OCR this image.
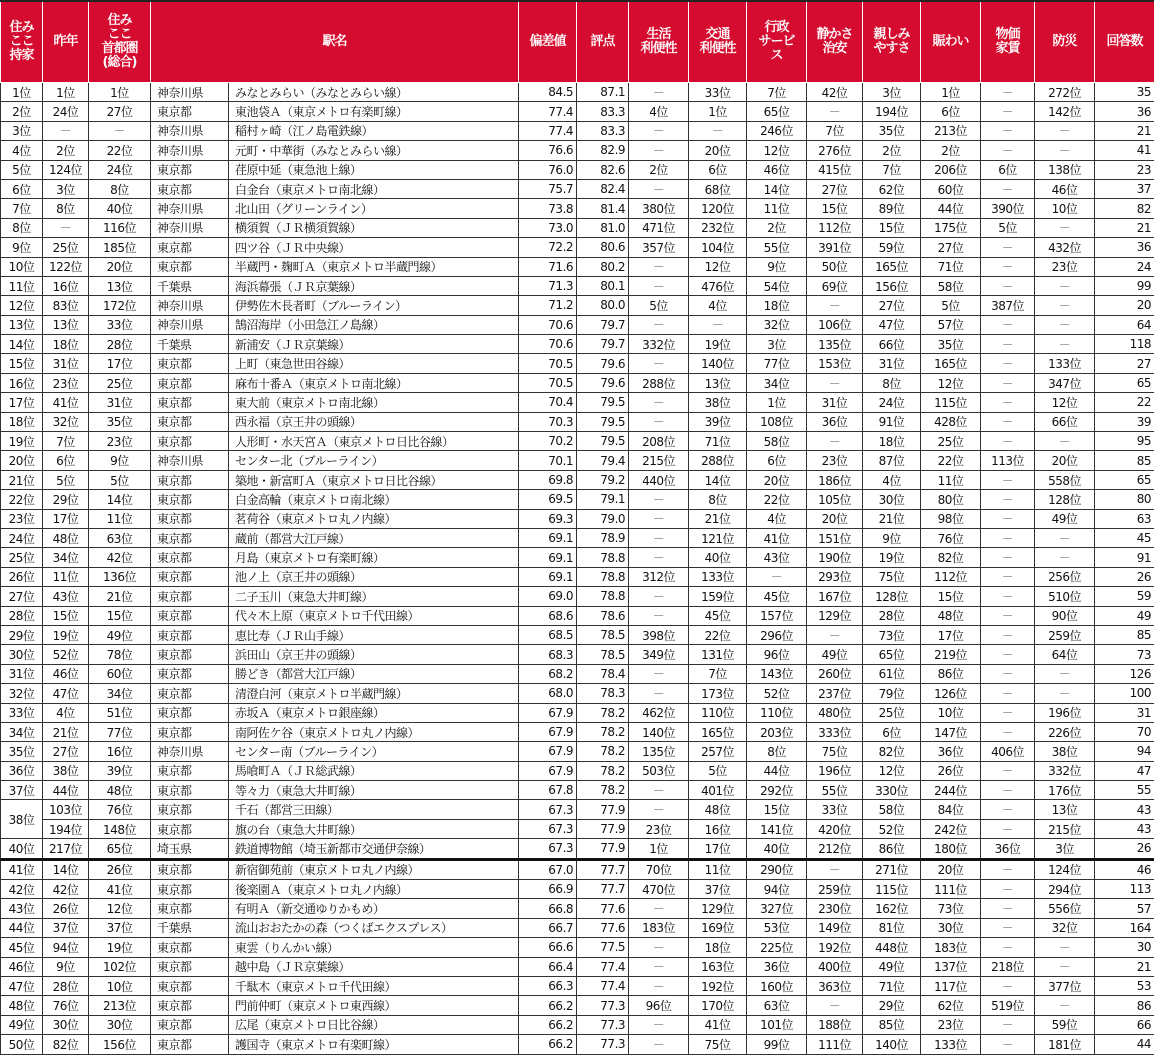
住み
ここ
持家	昨年	住み
ここ
首都圏
(総合)	駅名		偏差値	評点	生活
利便性	交通
利便性	行政
サービ
ス	静かさ
治安	親しみ
やすさ	賑わい	物価
家賃	防災	回答数
1位	1位	1位	神奈川県	みなとみらい（みなとみらい線）	84.5	87.1	－	33位	7位	42位	3位	1位	－	272位	35
2位	24位	27位	東京都	東池袋Ａ（東京メトロ有楽町線）	77.4	83.3	4位	1位	65位	－	194位	6位	－	142位	36
3位	－	－	神奈川県	稲村ヶ崎（江ノ島電鉄線）	77.4	83.3	－	－	246位	7位	35位	213位	－	－	21
4位	2位	22位	神奈川県	元町・中華街（みなとみらい線）	76.6	82.9	－	20位	12位	276位	2位	2位	－	－	41
5位	124位	24位	東京都	荏原中延（東急池上線）	76.0	82.6	2位	6位	46位	415位	7位	206位	6位	138位	23
6位	3位	8位	東京都	白金台（東京メトロ南北線）	75.7	82.4	－	68位	14位	27位	62位	60位	－	46位	37
7位	8位	40位	神奈川県	北山田（グリーンライン）	73.8	81.4	380位	120位	11位	15位	89位	44位	390位	10位	82
8位	－	116位	神奈川県	横須賀（ＪＲ横須賀線）	73.0	81.0	471位	232位	2位	112位	15位	175位	5位	－	21
9位	25位	185位	東京都	四ツ谷（ＪＲ中央線）	72.2	80.6	357位	104位	55位	391位	59位	27位	－	432位	36
10位	122位	20位	東京都	半蔵門・麹町Ａ（東京メトロ半蔵門線）	71.6	80.2	－	12位	9位	50位	165位	71位	－	23位	24
11位	16位	13位	千葉県	海浜幕張（ＪＲ京葉線）	71.3	80.1	－	476位	54位	69位	156位	58位	－	－	99
12位	83位	172位	神奈川県	伊勢佐木長者町（ブルーライン）	71.2	80.0	5位	4位	18位	－	27位	5位	387位	－	20
13位	13位	33位	神奈川県	鵠沼海岸（小田急江ノ島線）	70.6	79.7	－	－	32位	106位	47位	57位	－	－	64
14位	18位	28位	千葉県	新浦安（ＪＲ京葉線）	70.6	79.7	332位	19位	3位	135位	66位	35位	－	－	118
15位	31位	17位	東京都	上町（東急世田谷線）	70.5	79.6	－	140位	77位	153位	31位	165位	－	133位	27
16位	23位	25位	東京都	麻布十番Ａ（東京メトロ南北線）	70.5	79.6	288位	13位	34位	－	8位	12位	－	347位	65
17位	41位	31位	東京都	東大前（東京メトロ南北線）	70.4	79.5	－	38位	1位	31位	24位	115位	－	12位	22
18位	32位	35位	東京都	西永福（京王井の頭線）	70.3	79.5	－	39位	108位	36位	91位	428位	－	66位	39
19位	7位	23位	東京都	人形町・水天宮Ａ（東京メトロ日比谷線）	70.2	79.5	208位	71位	58位	－	18位	25位	－	－	95
20位	6位	9位	神奈川県	センター北（ブルーライン）	70.1	79.4	215位	288位	6位	23位	87位	22位	113位	20位	85
21位	5位	5位	東京都	築地・新富町Ａ（東京メトロ日比谷線）	69.8	79.2	440位	14位	20位	186位	4位	11位	－	558位	65
22位	29位	14位	東京都	白金高輪（東京メトロ南北線）	69.5	79.1	－	8位	22位	105位	30位	80位	－	128位	80
23位	17位	11位	東京都	茗荷谷（東京メトロ丸ノ内線）	69.3	79.0	－	21位	4位	20位	21位	98位	－	49位	63
24位	48位	63位	東京都	蔵前（都営大江戸線）	69.1	78.9	－	121位	41位	151位	9位	76位	－	－	45
25位	34位	42位	東京都	月島（東京メトロ有楽町線）	69.1	78.8	－	40位	43位	190位	19位	82位	－	－	91
26位	11位	136位	東京都	池ノ上（京王井の頭線）	69.1	78.8	312位	133位	－	293位	75位	112位	－	256位	26
27位	43位	21位	東京都	二子玉川（東急大井町線）	69.0	78.8	－	159位	45位	167位	128位	15位	－	510位	59
28位	15位	15位	東京都	代々木上原（東京メトロ千代田線）	68.6	78.6	－	45位	157位	129位	28位	48位	－	90位	49
29位	19位	49位	東京都	恵比寿（ＪＲ山手線）	68.5	78.5	398位	22位	296位	－	73位	17位	－	259位	85
30位	52位	78位	東京都	浜田山（京王井の頭線）	68.3	78.5	349位	131位	96位	49位	65位	219位	－	64位	73
31位	46位	60位	東京都	勝どき（都営大江戸線）	68.2	78.4	－	7位	143位	260位	61位	86位	－	－	126
32位	47位	34位	東京都	清澄白河（東京メトロ半蔵門線）	68.0	78.3	－	173位	52位	237位	79位	126位	－	－	100
33位	4位	51位	東京都	赤坂Ａ（東京メトロ銀座線）	67.9	78.2	462位	110位	110位	480位	25位	10位	－	196位	31
34位	21位	77位	東京都	南阿佐ケ谷（東京メトロ丸ノ内線）	67.9	78.2	140位	165位	203位	333位	6位	147位	－	226位	70
35位	27位	16位	神奈川県	センター南（ブルーライン）	67.9	78.2	135位	257位	8位	75位	82位	36位	406位	38位	94
36位	38位	39位	東京都	馬喰町Ａ（ＪＲ総武線）	67.9	78.2	503位	5位	44位	196位	12位	26位	－	332位	47
37位	44位	48位	東京都	等々力（東急大井町線）	67.8	78.2	－	401位	292位	55位	330位	244位	－	176位	55
38位	103位	76位	東京都	千石（都営三田線）	67.3	77.9	－	48位	15位	33位	58位	84位	－	13位	43
	194位	148位	東京都	旗の台（東急大井町線）	67.3	77.9	23位	16位	141位	420位	52位	242位	－	215位	43
40位	217位	65位	埼玉県	鉄道博物館（埼玉新都市交通伊奈線）	67.3	77.9	1位	17位	40位	212位	86位	180位	36位	3位	26
41位	14位	26位	東京都	新宿御苑前（東京メトロ丸ノ内線）	67.0	77.7	70位	11位	290位	－	271位	20位	－	124位	46
42位	42位	41位	東京都	後楽園Ａ（東京メトロ丸ノ内線）	66.9	77.7	470位	37位	94位	259位	115位	111位	－	294位	113
43位	26位	12位	東京都	有明Ａ（新交通ゆりかもめ）	66.8	77.6	－	129位	327位	230位	162位	73位	－	556位	57
44位	37位	37位	千葉県	流山おおたかの森（つくばエクスプレス）	66.7	77.6	183位	169位	53位	149位	81位	30位	－	32位	164
45位	94位	19位	東京都	東雲（りんかい線）	66.6	77.5	－	18位	225位	192位	448位	183位	－	－	30
46位	9位	102位	東京都	越中島（ＪＲ京葉線）	66.4	77.4	－	163位	36位	400位	49位	137位	218位	－	21
47位	28位	10位	東京都	千駄木（東京メトロ千代田線）	66.3	77.4	－	192位	160位	363位	71位	117位	－	377位	53
48位	76位	213位	東京都	門前仲町（東京メトロ東西線）	66.2	77.3	96位	170位	63位	－	29位	62位	519位	－	86
49位	30位	30位	東京都	広尾（東京メトロ日比谷線）	66.2	77.3	－	41位	101位	188位	85位	23位	－	59位	66
50位	82位	156位	東京都	護国寺（東京メトロ有楽町線）	66.2	77.3	－	75位	99位	111位	140位	133位	－	181位	44
